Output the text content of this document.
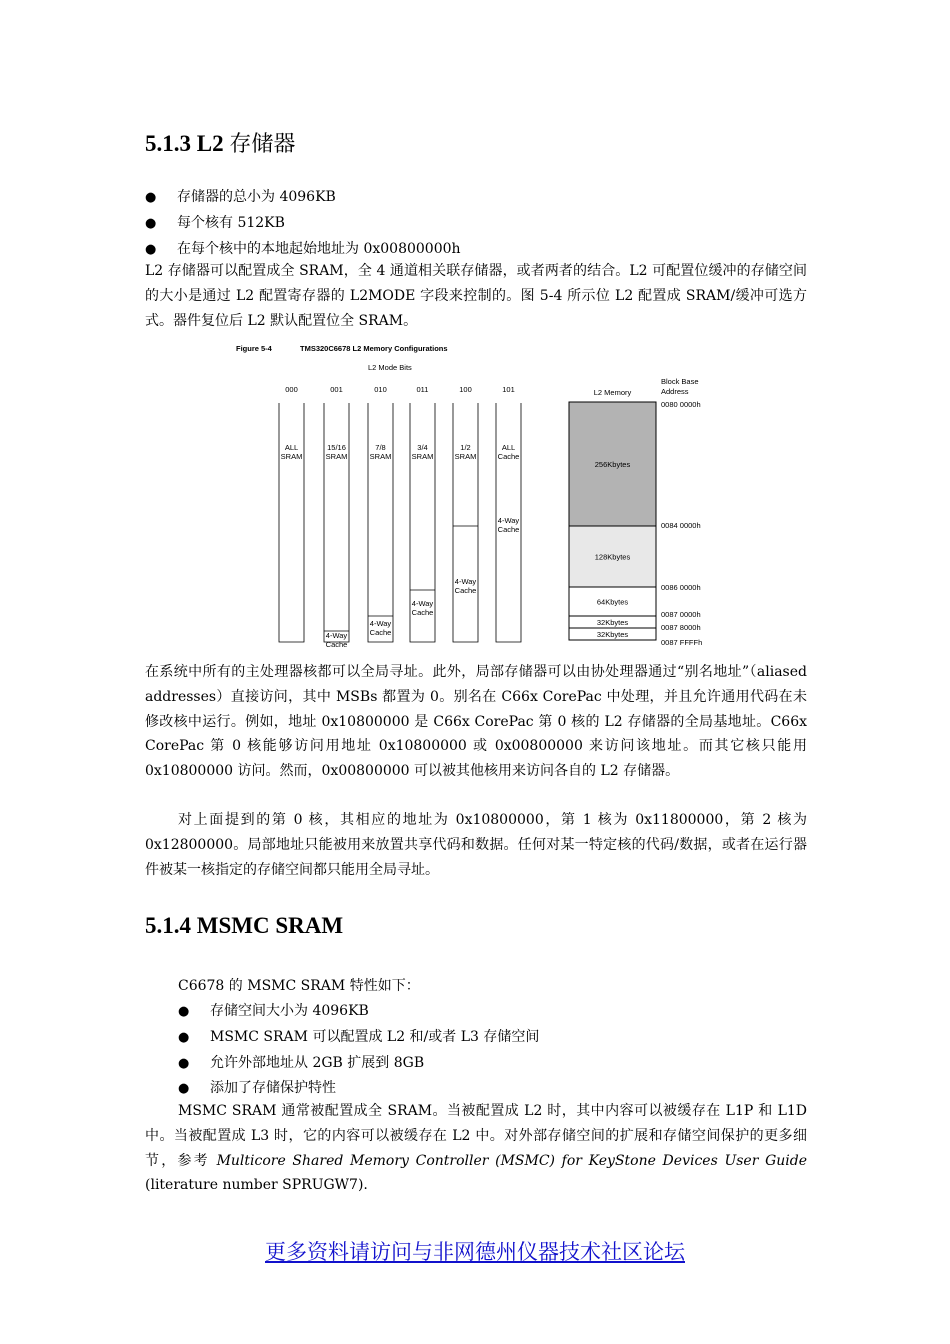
5.1.3 L2 存储器
● 存储器的总小为 4096KB
● 每个核有 512KB
● 在每个核中的本地起始地址为 0x00800000h

L2 存储器可以配置成全 SRAM，全 4 通道相关联存储器，或者两者的结合。L2 可配置位缓冲的存储空间的大小是通过 L2 配置寄存器的 L2MODE 字段来控制的。图 5-4 所示位 L2 配置成 SRAM/缓冲可选方式。器件复位后 L2 默认配置位全 SRAM。

Figure 5-4	TMS320C6678 L2 Memory Configurations
L2 Mode Bits
000	001	010	011	100	101
ALL
SRAM
15/16
SRAM
4-Way
Cache
7/8
SRAM
4-Way
Cache
3/4
SRAM
4-Way
Cache
1/2
SRAM
4-Way
Cache
ALL
Cache
4-Way
Cache
L2 Memory
Block Base
Address
256Kbytes
128Kbytes
64Kbytes
32Kbytes
32Kbytes
0080 0000h
0084 0000h
0086 0000h
0087 0000h
0087 8000h
0087 FFFFh

在系统中所有的主处理器核都可以全局寻址。此外，局部存储器可以由协处理器通过“别名地址”（aliased addresses）直接访问，其中 MSBs 都置为 0。别名在 C66x CorePac 中处理，并且允许通用代码在未修改核中运行。例如，地址 0x10800000 是 C66x CorePac 第 0 核的 L2 存储器的全局基地址。C66x CorePac 第 0 核能够访问用地址 0x10800000 或 0x00800000 来访问该地址。而其它核只能用 0x10800000 访问。然而，0x00800000 可以被其他核用来访问各自的 L2 存储器。

对上面提到的第 0 核，其相应的地址为 0x10800000，第 1 核为 0x11800000，第 2 核为 0x12800000。局部地址只能被用来放置共享代码和数据。任何对某一特定核的代码/数据，或者在运行器件被某一核指定的存储空间都只能用全局寻址。

5.1.4 MSMC SRAM
C6678 的 MSMC SRAM 特性如下：
● 存储空间大小为 4096KB
● MSMC SRAM 可以配置成 L2 和/或者 L3 存储空间
● 允许外部地址从 2GB 扩展到 8GB
● 添加了存储保护特性

MSMC SRAM 通常被配置成全 SRAM。当被配置成 L2 时，其中内容可以被缓存在 L1P 和 L1D 中。当被配置成 L3 时，它的内容可以被缓存在 L2 中。对外部存储空间的扩展和存储空间保护的更多细节，参考 Multicore Shared Memory Controller (MSMC) for KeyStone Devices User Guide (literature number SPRUGW7).

更多资料请访问与非网德州仪器技术社区论坛
